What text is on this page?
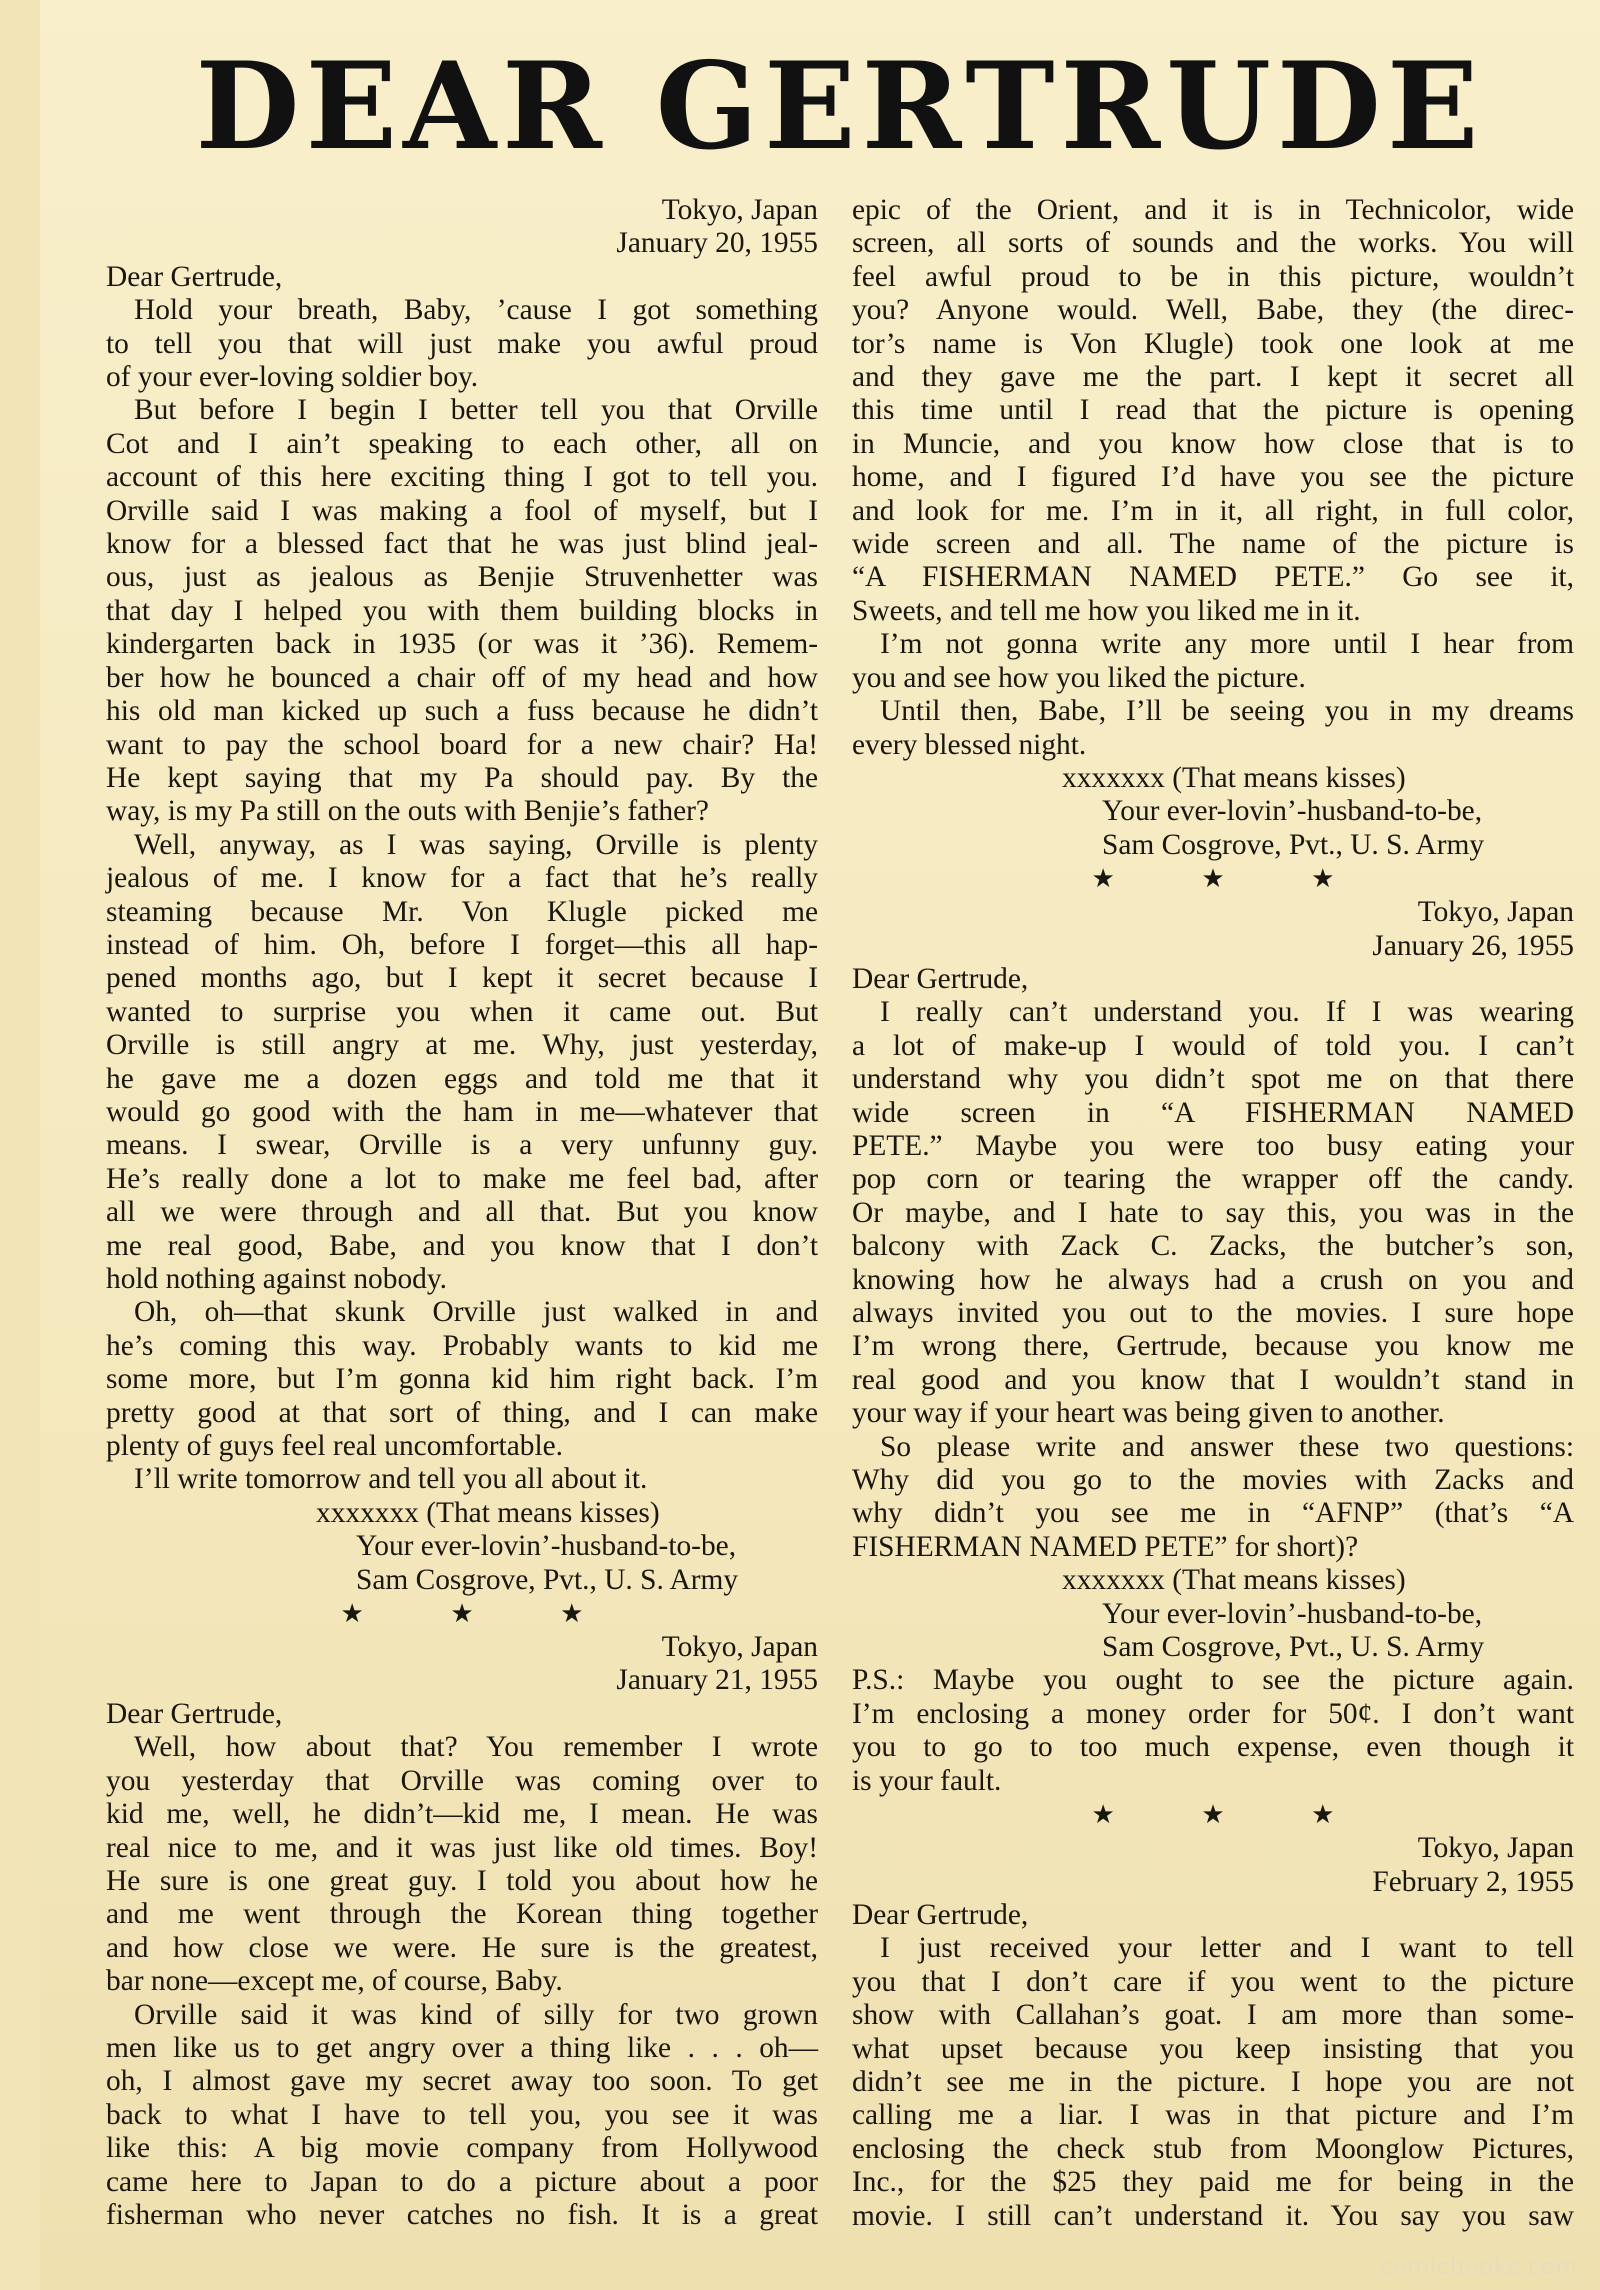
DEAR GERTRUDE
Tokyo, Japan
January 20, 1955
Dear Gertrude,
Hold your breath, Baby, ’cause I got something
to tell you that will just make you awful proud
of your ever-loving soldier boy.
But before I begin I better tell you that Orville
Cot and I ain’t speaking to each other, all on
account of this here exciting thing I got to tell you.
Orville said I was making a fool of myself, but I
know for a blessed fact that he was just blind jeal-
ous, just as jealous as Benjie Struvenhetter was
that day I helped you with them building blocks in
kindergarten back in 1935 (or was it ’36). Remem-
ber how he bounced a chair off of my head and how
his old man kicked up such a fuss because he didn’t
want to pay the school board for a new chair? Ha!
He kept saying that my Pa should pay. By the
way, is my Pa still on the outs with Benjie’s father?
Well, anyway, as I was saying, Orville is plenty
jealous of me. I know for a fact that he’s really
steaming because Mr. Von Klugle picked me
instead of him. Oh, before I forget—this all hap-
pened months ago, but I kept it secret because I
wanted to surprise you when it came out. But
Orville is still angry at me. Why, just yesterday,
he gave me a dozen eggs and told me that it
would go good with the ham in me—whatever that
means. I swear, Orville is a very unfunny guy.
He’s really done a lot to make me feel bad, after
all we were through and all that. But you know
me real good, Babe, and you know that I don’t
hold nothing against nobody.
Oh, oh—that skunk Orville just walked in and
he’s coming this way. Probably wants to kid me
some more, but I’m gonna kid him right back. I’m
pretty good at that sort of thing, and I can make
plenty of guys feel real uncomfortable.
I’ll write tomorrow and tell you all about it.
xxxxxxx (That means kisses)
Your ever-lovin’-husband-to-be,
Sam Cosgrove, Pvt., U. S. Army
★ ★ ★
Tokyo, Japan
January 21, 1955
Dear Gertrude,
Well, how about that? You remember I wrote
you yesterday that Orville was coming over to
kid me, well, he didn’t—kid me, I mean. He was
real nice to me, and it was just like old times. Boy!
He sure is one great guy. I told you about how he
and me went through the Korean thing together
and how close we were. He sure is the greatest,
bar none—except me, of course, Baby.
Orville said it was kind of silly for two grown
men like us to get angry over a thing like . . . oh—
oh, I almost gave my secret away too soon. To get
back to what I have to tell you, you see it was
like this: A big movie company from Hollywood
came here to Japan to do a picture about a poor
fisherman who never catches no fish. It is a great
epic of the Orient, and it is in Technicolor, wide
screen, all sorts of sounds and the works. You will
feel awful proud to be in this picture, wouldn’t
you? Anyone would. Well, Babe, they (the direc-
tor’s name is Von Klugle) took one look at me
and they gave me the part. I kept it secret all
this time until I read that the picture is opening
in Muncie, and you know how close that is to
home, and I figured I’d have you see the picture
and look for me. I’m in it, all right, in full color,
wide screen and all. The name of the picture is
“A FISHERMAN NAMED PETE.” Go see it,
Sweets, and tell me how you liked me in it.
I’m not gonna write any more until I hear from
you and see how you liked the picture.
Until then, Babe, I’ll be seeing you in my dreams
every blessed night.
xxxxxxx (That means kisses)
Your ever-lovin’-husband-to-be,
Sam Cosgrove, Pvt., U. S. Army
★ ★ ★
Tokyo, Japan
January 26, 1955
Dear Gertrude,
I really can’t understand you. If I was wearing
a lot of make-up I would of told you. I can’t
understand why you didn’t spot me on that there
wide screen in “A FISHERMAN NAMED
PETE.” Maybe you were too busy eating your
pop corn or tearing the wrapper off the candy.
Or maybe, and I hate to say this, you was in the
balcony with Zack C. Zacks, the butcher’s son,
knowing how he always had a crush on you and
always invited you out to the movies. I sure hope
I’m wrong there, Gertrude, because you know me
real good and you know that I wouldn’t stand in
your way if your heart was being given to another.
So please write and answer these two questions:
Why did you go to the movies with Zacks and
why didn’t you see me in “AFNP” (that’s “A
FISHERMAN NAMED PETE” for short)?
xxxxxxx (That means kisses)
Your ever-lovin’-husband-to-be,
Sam Cosgrove, Pvt., U. S. Army
P.S.: Maybe you ought to see the picture again.
I’m enclosing a money order for 50¢. I don’t want
you to go to too much expense, even though it
is your fault.
★ ★ ★
Tokyo, Japan
February 2, 1955
Dear Gertrude,
I just received your letter and I want to tell
you that I don’t care if you went to the picture
show with Callahan’s goat. I am more than some-
what upset because you keep insisting that you
didn’t see me in the picture. I hope you are not
calling me a liar. I was in that picture and I’m
enclosing the check stub from Moonglow Pictures,
Inc., for the $25 they paid me for being in the
movie. I still can’t understand it. You say you saw
comicbooks.com
